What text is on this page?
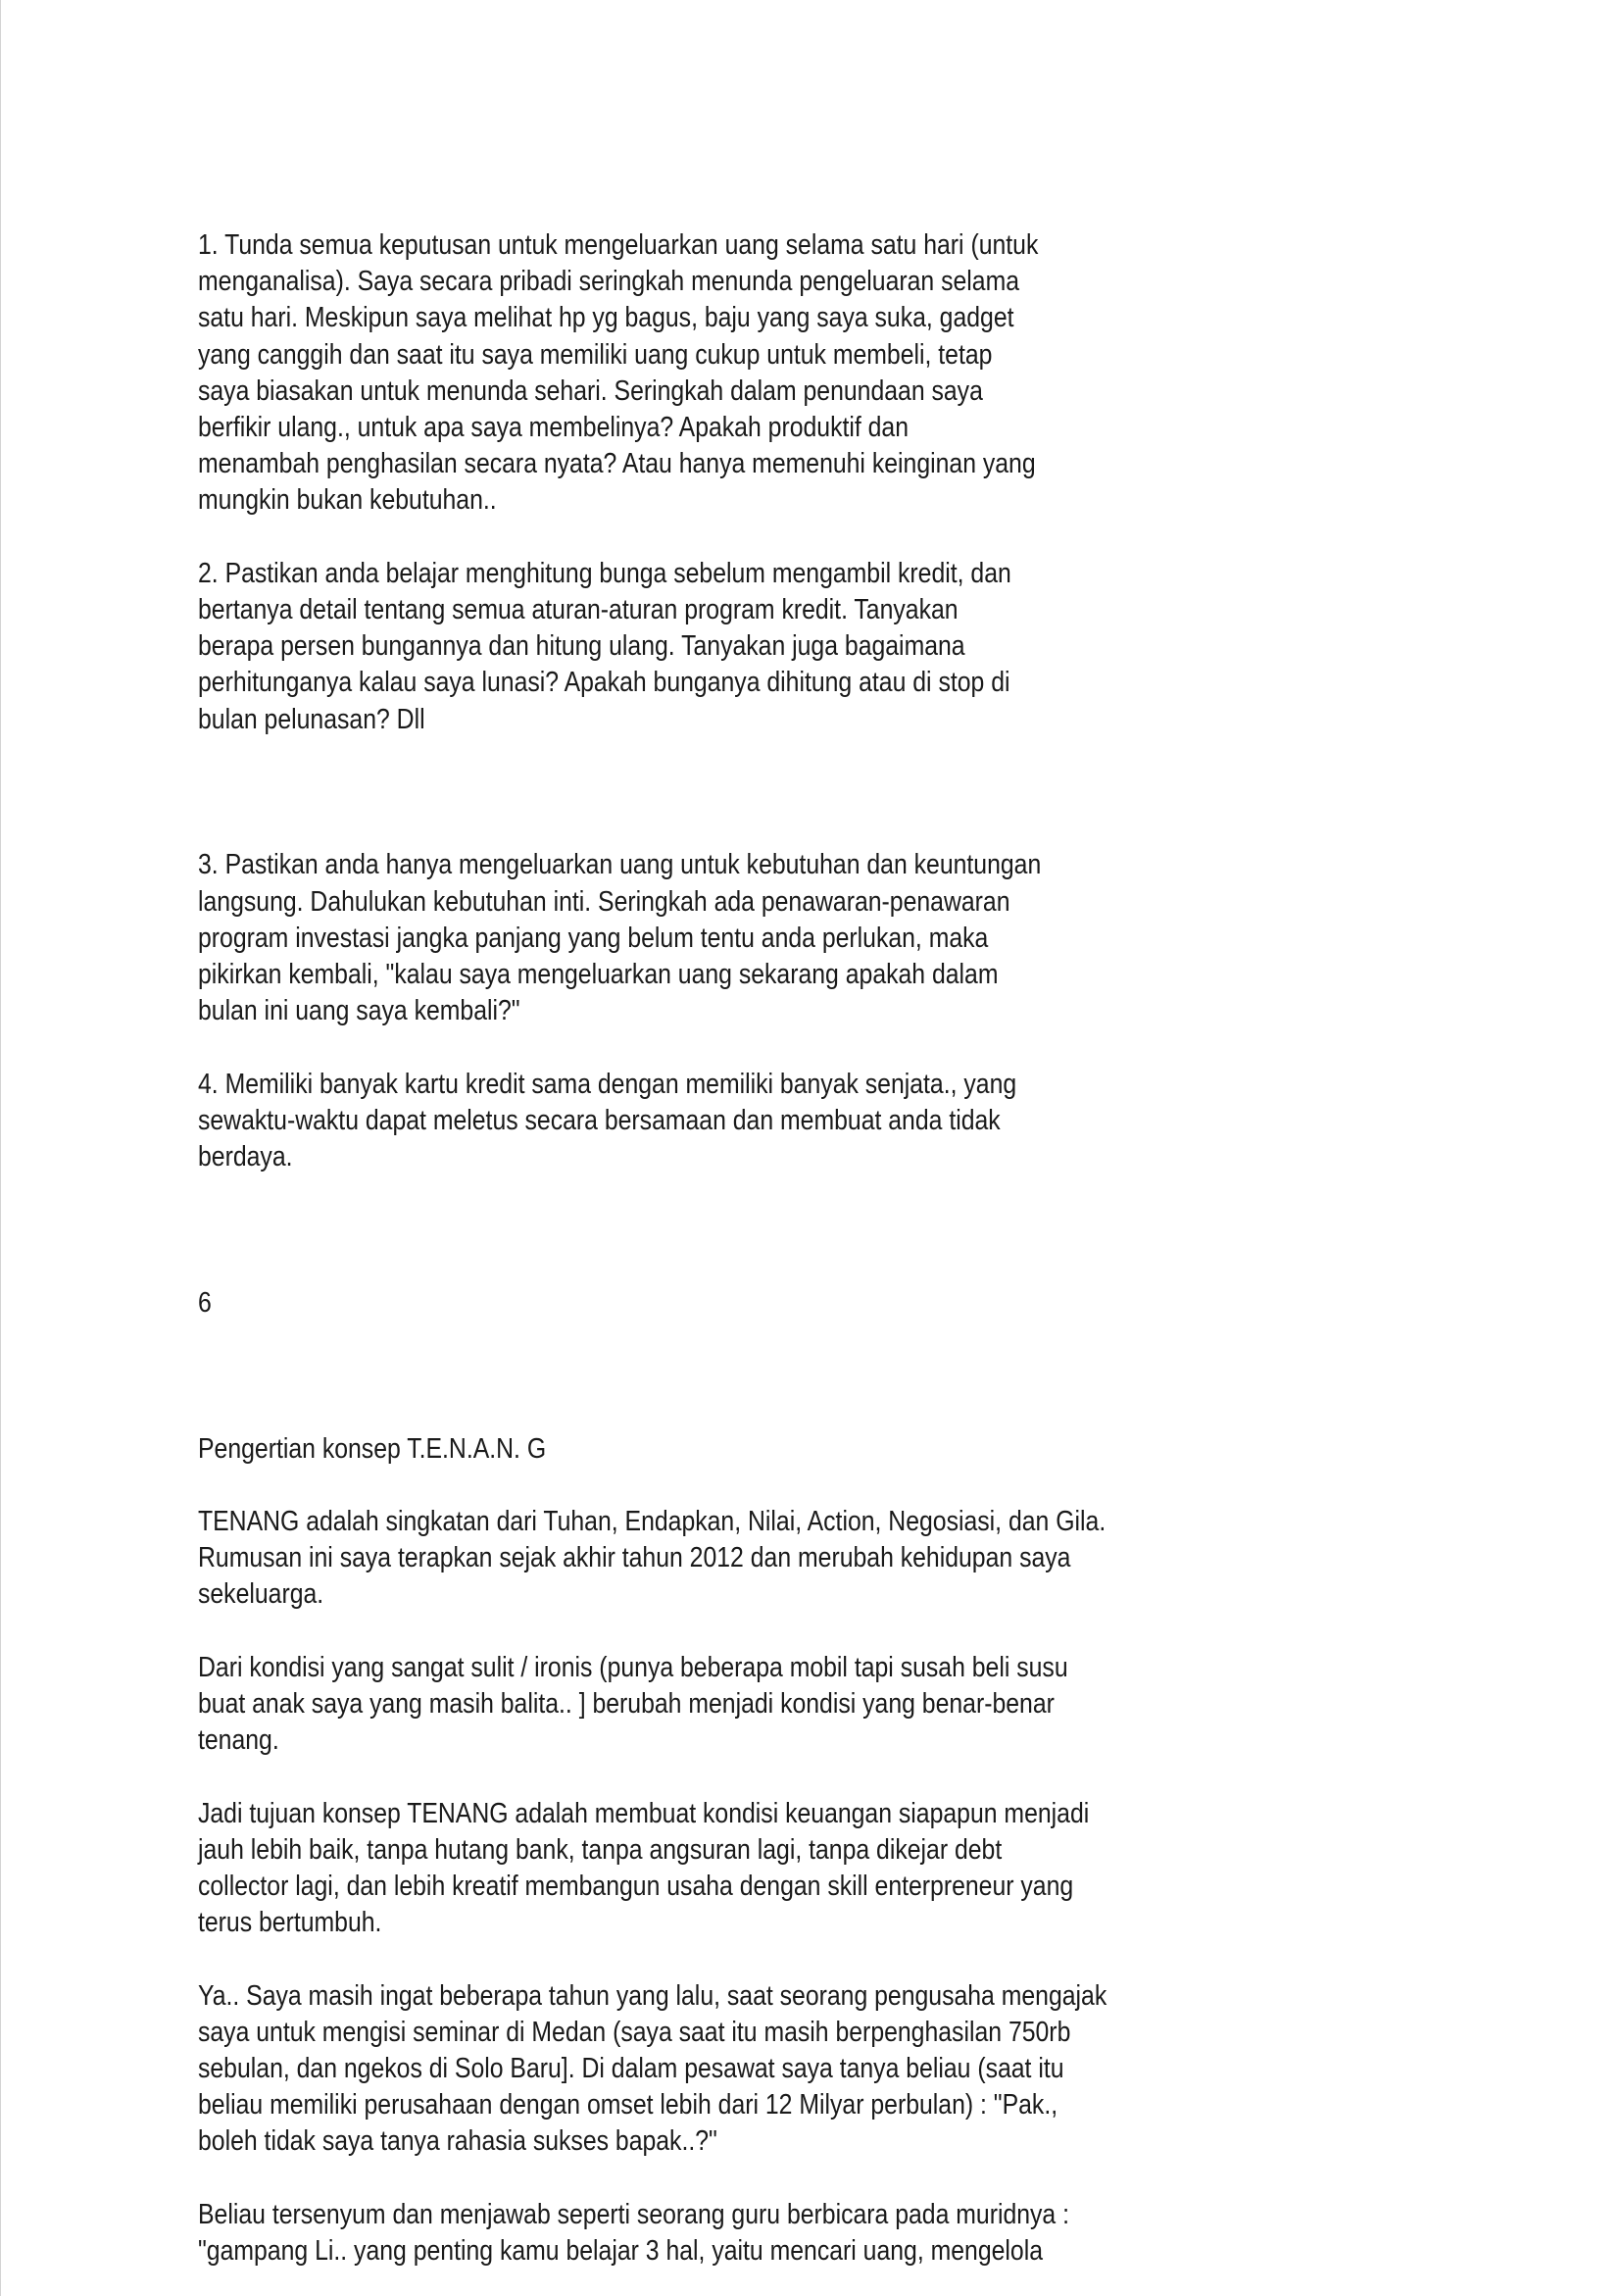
1. Tunda semua keputusan untuk mengeluarkan uang selama satu hari (untuk
menganalisa). Saya secara pribadi seringkah menunda pengeluaran selama
satu hari. Meskipun saya melihat hp yg bagus, baju yang saya suka, gadget
yang canggih dan saat itu saya memiliki uang cukup untuk membeli, tetap
saya biasakan untuk menunda sehari. Seringkah dalam penundaan saya
berfikir ulang., untuk apa saya membelinya? Apakah produktif dan
menambah penghasilan secara nyata? Atau hanya memenuhi keinginan yang
mungkin bukan kebutuhan..

2. Pastikan anda belajar menghitung bunga sebelum mengambil kredit, dan
bertanya detail tentang semua aturan-aturan program kredit. Tanyakan
berapa persen bungannya dan hitung ulang. Tanyakan juga bagaimana
perhitunganya kalau saya lunasi? Apakah bunganya dihitung atau di stop di
bulan pelunasan? Dll

3. Pastikan anda hanya mengeluarkan uang untuk kebutuhan dan keuntungan
langsung. Dahulukan kebutuhan inti. Seringkah ada penawaran-penawaran
program investasi jangka panjang yang belum tentu anda perlukan, maka
pikirkan kembali, "kalau saya mengeluarkan uang sekarang apakah dalam
bulan ini uang saya kembali?"

4. Memiliki banyak kartu kredit sama dengan memiliki banyak senjata., yang
sewaktu-waktu dapat meletus secara bersamaan dan membuat anda tidak
berdaya.

6

Pengertian konsep T.E.N.A.N. G

TENANG adalah singkatan dari Tuhan, Endapkan, Nilai, Action, Negosiasi, dan Gila.
Rumusan ini saya terapkan sejak akhir tahun 2012 dan merubah kehidupan saya
sekeluarga.

Dari kondisi yang sangat sulit / ironis (punya beberapa mobil tapi susah beli susu
buat anak saya yang masih balita.. ] berubah menjadi kondisi yang benar-benar
tenang.

Jadi tujuan konsep TENANG adalah membuat kondisi keuangan siapapun menjadi
jauh lebih baik, tanpa hutang bank, tanpa angsuran lagi, tanpa dikejar debt
collector lagi, dan lebih kreatif membangun usaha dengan skill enterpreneur yang
terus bertumbuh.

Ya.. Saya masih ingat beberapa tahun yang lalu, saat seorang pengusaha mengajak
saya untuk mengisi seminar di Medan (saya saat itu masih berpenghasilan 750rb
sebulan, dan ngekos di Solo Baru]. Di dalam pesawat saya tanya beliau (saat itu
beliau memiliki perusahaan dengan omset lebih dari 12 Milyar perbulan) : "Pak.,
boleh tidak saya tanya rahasia sukses bapak..?"

Beliau tersenyum dan menjawab seperti seorang guru berbicara pada muridnya :
"gampang Li.. yang penting kamu belajar 3 hal, yaitu mencari uang, mengelola
